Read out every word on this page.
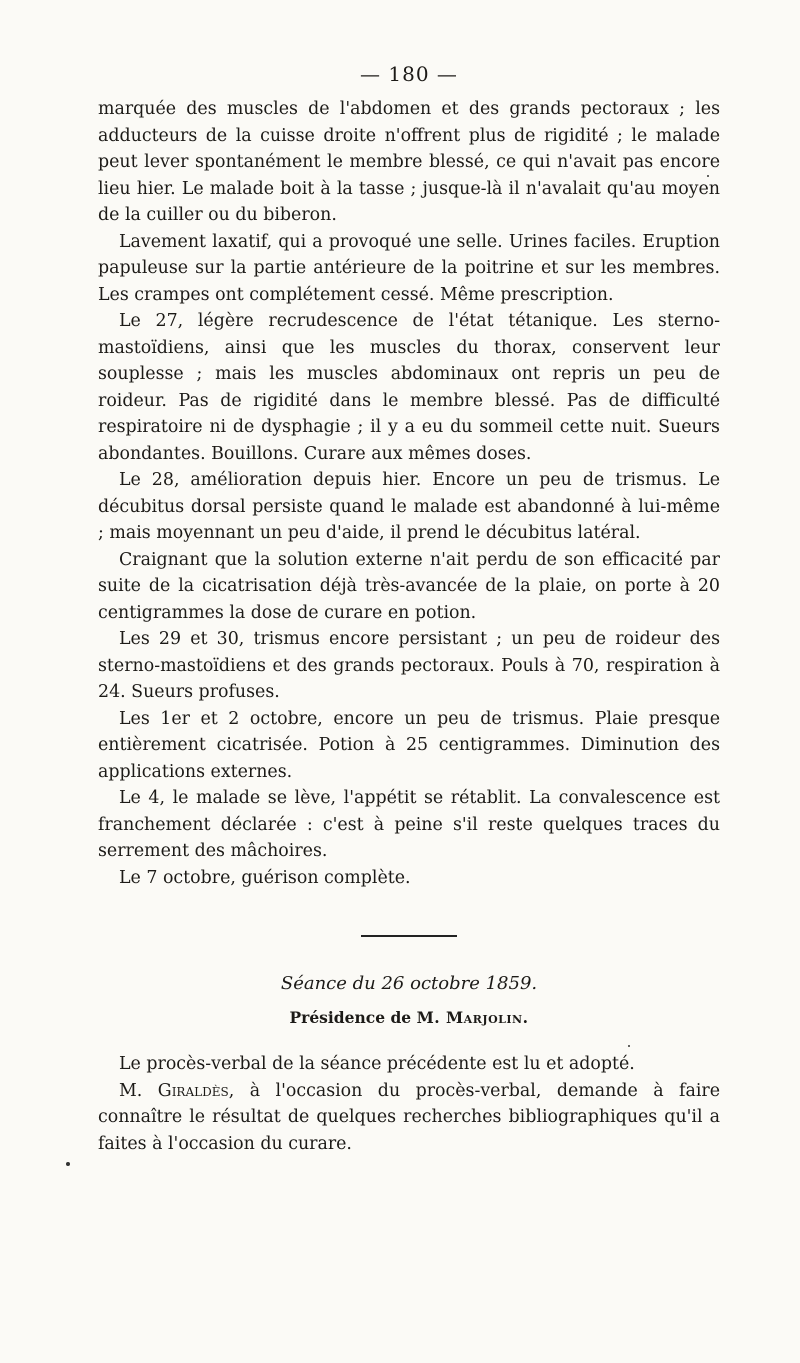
— 180 —

marquée des muscles de l'abdomen et des grands pectoraux ; les adducteurs de la cuisse droite n'offrent plus de rigidité ; le malade peut lever spontanément le membre blessé, ce qui n'avait pas encore lieu hier. Le malade boit à la tasse ; jusque-là il n'avalait qu'au moyen de la cuiller ou du biberon.

Lavement laxatif, qui a provoqué une selle. Urines faciles. Eruption papuleuse sur la partie antérieure de la poitrine et sur les membres. Les crampes ont complétement cessé. Même prescription.

Le 27, légère recrudescence de l'état tétanique. Les sterno-mastoïdiens, ainsi que les muscles du thorax, conservent leur souplesse ; mais les muscles abdominaux ont repris un peu de roideur. Pas de rigidité dans le membre blessé. Pas de difficulté respiratoire ni de dysphagie ; il y a eu du sommeil cette nuit. Sueurs abondantes. Bouillons. Curare aux mêmes doses.

Le 28, amélioration depuis hier. Encore un peu de trismus. Le décubitus dorsal persiste quand le malade est abandonné à lui-même ; mais moyennant un peu d'aide, il prend le décubitus latéral.

Craignant que la solution externe n'ait perdu de son efficacité par suite de la cicatrisation déjà très-avancée de la plaie, on porte à 20 centigrammes la dose de curare en potion.

Les 29 et 30, trismus encore persistant ; un peu de roideur des sterno-mastoïdiens et des grands pectoraux. Pouls à 70, respiration à 24. Sueurs profuses.

Les 1er et 2 octobre, encore un peu de trismus. Plaie presque entièrement cicatrisée. Potion à 25 centigrammes. Diminution des applications externes.

Le 4, le malade se lève, l'appétit se rétablit. La convalescence est franchement déclarée : c'est à peine s'il reste quelques traces du serrement des mâchoires.

Le 7 octobre, guérison complète.

Séance du 26 octobre 1859.

Présidence de M. Marjolin.

Le procès-verbal de la séance précédente est lu et adopté.

M. Giraldès, à l'occasion du procès-verbal, demande à faire connaître le résultat de quelques recherches bibliographiques qu'il a faites à l'occasion du curare.
